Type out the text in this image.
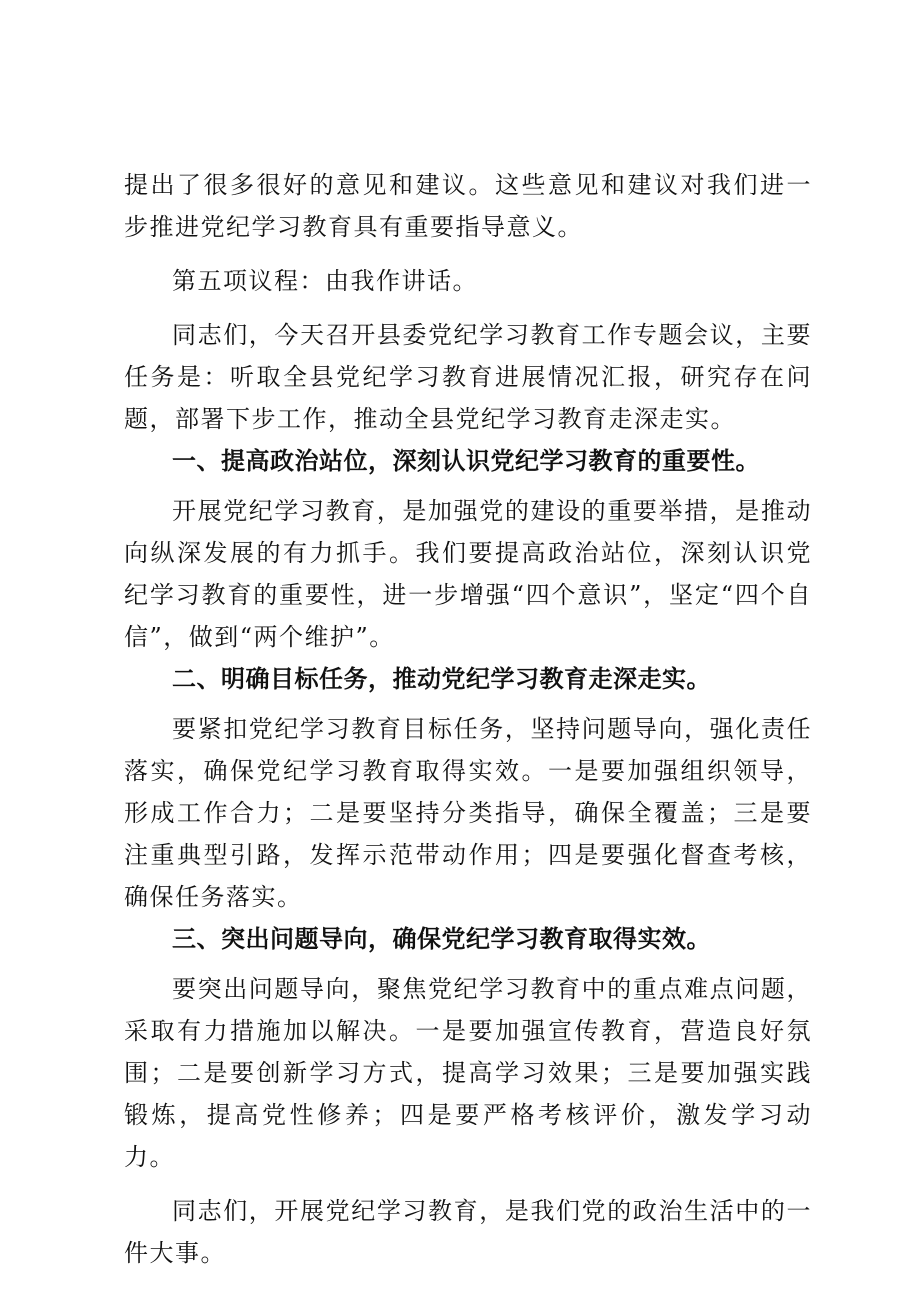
提出了很多很好的意见和建议。这些意见和建议对我们进一步推进党纪学习教育具有重要指导意义。

第五项议程：由我作讲话。

同志们，今天召开县委党纪学习教育工作专题会议，主要任务是：听取全县党纪学习教育进展情况汇报，研究存在问题，部署下步工作，推动全县党纪学习教育走深走实。

一、提高政治站位，深刻认识党纪学习教育的重要性。

开展党纪学习教育，是加强党的建设的重要举措，是推动向纵深发展的有力抓手。我们要提高政治站位，深刻认识党纪学习教育的重要性，进一步增强“四个意识”，坚定“四个自信”，做到“两个维护”。

二、明确目标任务，推动党纪学习教育走深走实。

要紧扣党纪学习教育目标任务，坚持问题导向，强化责任落实，确保党纪学习教育取得实效。一是要加强组织领导，形成工作合力；二是要坚持分类指导，确保全覆盖；三是要注重典型引路，发挥示范带动作用；四是要强化督查考核，确保任务落实。

三、突出问题导向，确保党纪学习教育取得实效。

要突出问题导向，聚焦党纪学习教育中的重点难点问题，采取有力措施加以解决。一是要加强宣传教育，营造良好氛围；二是要创新学习方式，提高学习效果；三是要加强实践锻炼，提高党性修养；四是要严格考核评价，激发学习动力。

同志们，开展党纪学习教育，是我们党的政治生活中的一件大事。
